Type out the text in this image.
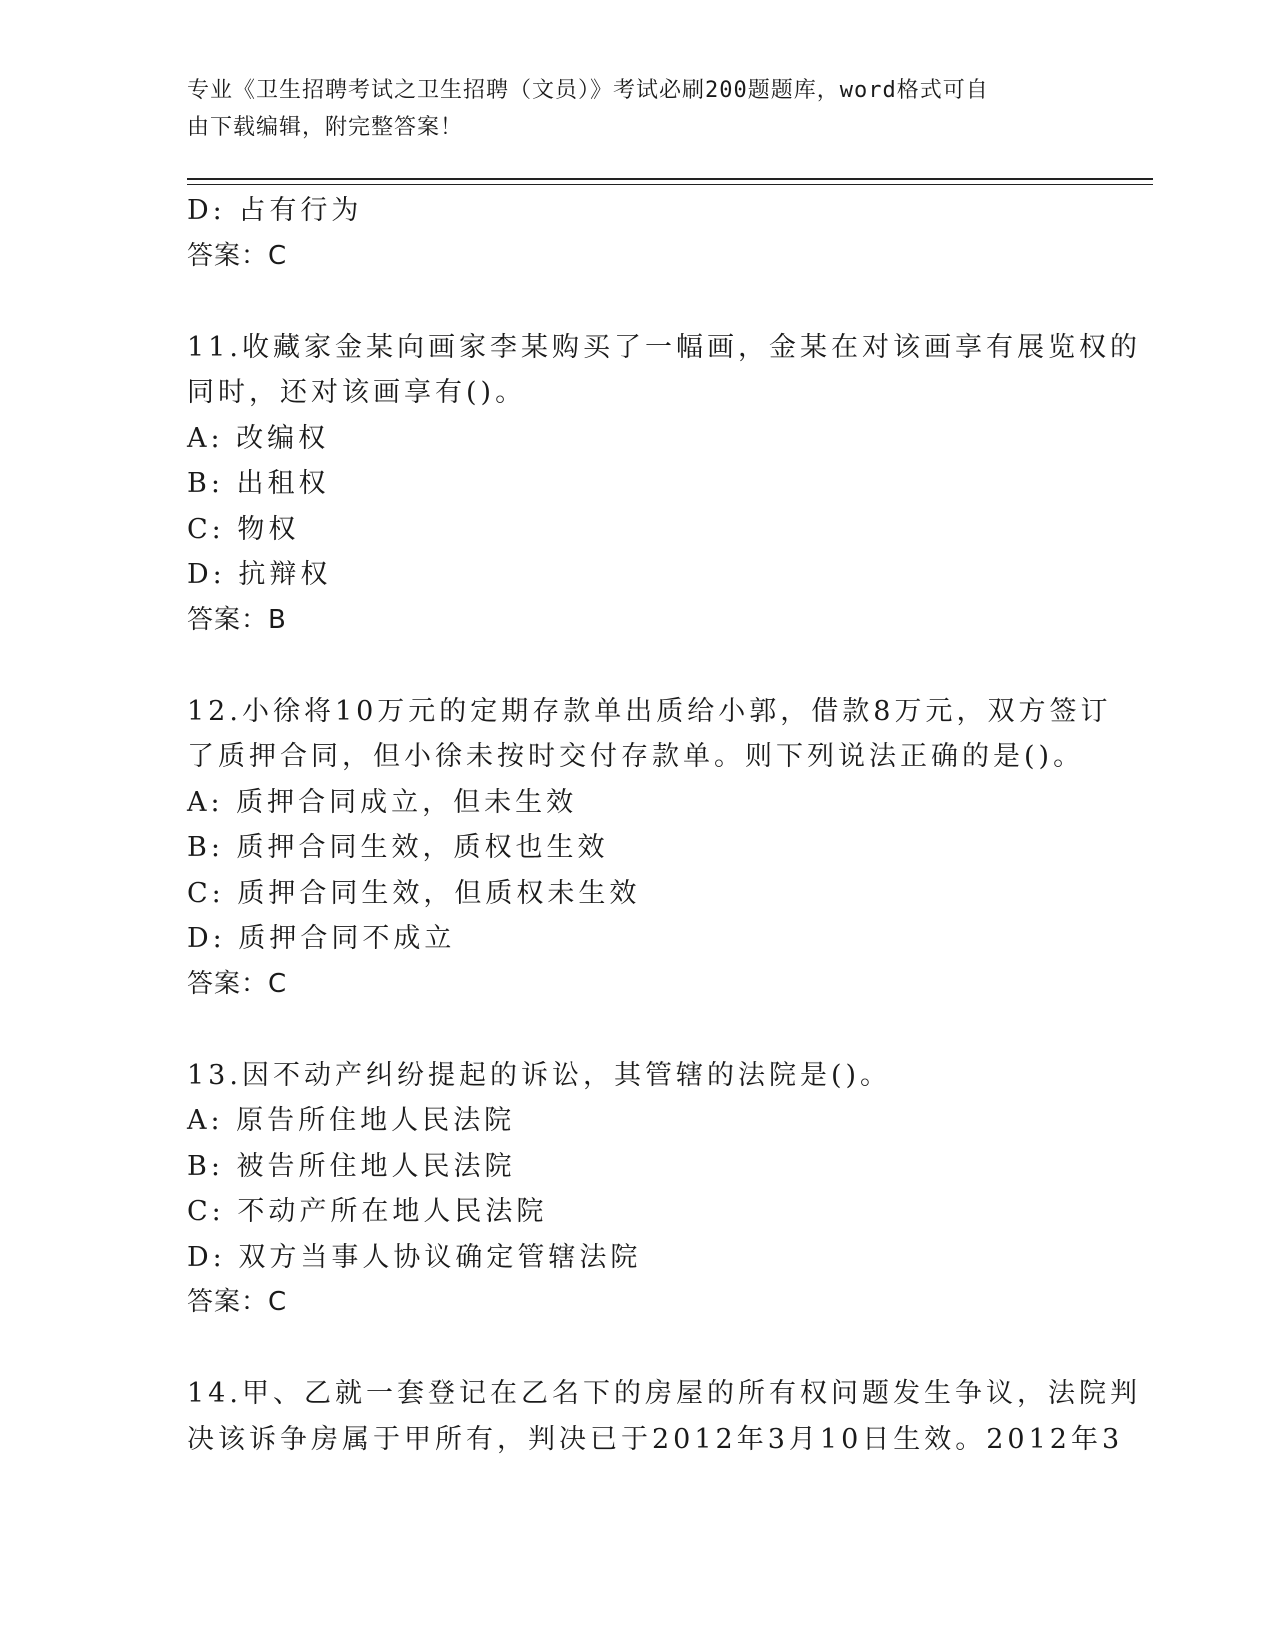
专业《卫生招聘考试之卫生招聘（文员）》考试必刷200题题库，word格式可自
由下载编辑，附完整答案！
D: 占有行为
答案：C
11.收藏家金某向画家李某购买了一幅画，金某在对该画享有展览权的
同时，还对该画享有()。
A: 改编权
B: 出租权
C: 物权
D: 抗辩权
答案：B
12.小徐将10万元的定期存款单出质给小郭，借款8万元，双方签订
了质押合同，但小徐未按时交付存款单。则下列说法正确的是()。
A: 质押合同成立，但未生效
B: 质押合同生效，质权也生效
C: 质押合同生效，但质权未生效
D: 质押合同不成立
答案：C
13.因不动产纠纷提起的诉讼，其管辖的法院是()。
A: 原告所住地人民法院
B: 被告所住地人民法院
C: 不动产所在地人民法院
D: 双方当事人协议确定管辖法院
答案：C
14.甲、乙就一套登记在乙名下的房屋的所有权问题发生争议，法院判
决该诉争房属于甲所有，判决已于2012年3月10日生效。2012年3
